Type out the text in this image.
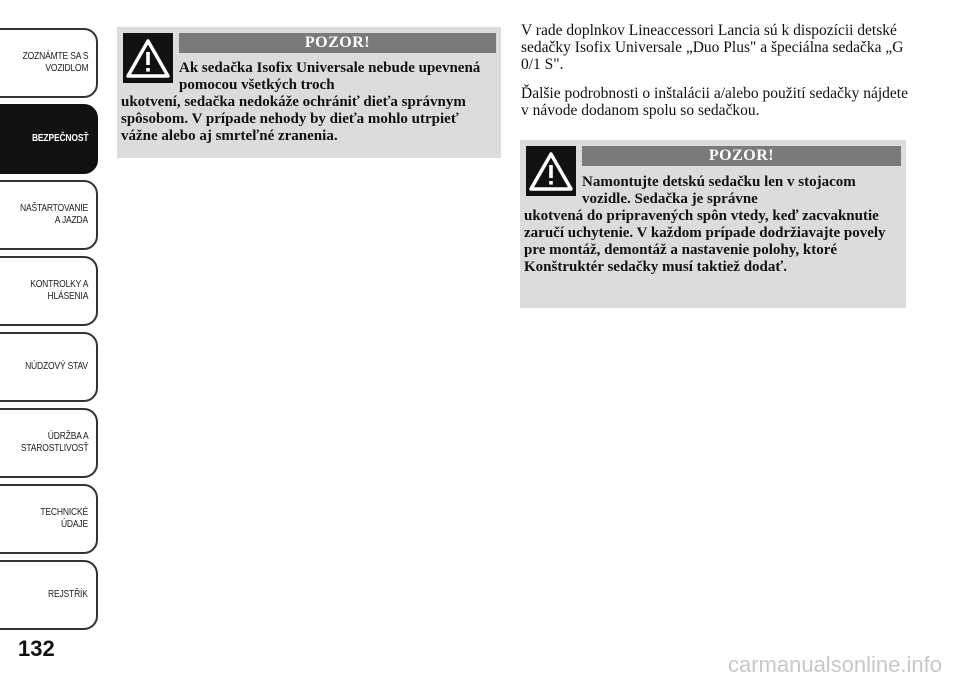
ZOZNÁMTE SA S
VOZIDLOM
BEZPEČNOSŤ
NAŠTARTOVANIE
A JAZDA
KONTROLKY A
HLÁSENIA
NÚDZOVÝ STAV
ÚDRŽBA A
STAROSTLIVOSŤ
TECHNICKÉ
ÚDAJE
REJSTŘÍK
132
POZOR!
Ak sedačka Isofix Universale nebude upevnená pomocou všetkých troch
ukotvení, sedačka nedokáže ochrániť dieťa správnym spôsobom. V prípade nehody by dieťa mohlo utrpieť vážne alebo aj smrteľné zranenia.

V rade doplnkov Lineaccessori Lancia sú k dispozícii detské sedačky Isofix Universale „Duo Plus" a špeciálna sedačka „G 0/1 S".

Ďalšie podrobnosti o inštalácii a/alebo použití sedačky nájdete v návode dodanom spolu so sedačkou.

POZOR!
Namontujte detskú sedačku len v stojacom vozidle. Sedačka je správne
ukotvená do pripravených spôn vtedy, keď zacvaknutie zaručí uchytenie. V každom prípade dodržiavajte povely pre montáž, demontáž a nastavenie polohy, ktoré Konštruktér sedačky musí taktiež dodať.
carmanualsonline.info
